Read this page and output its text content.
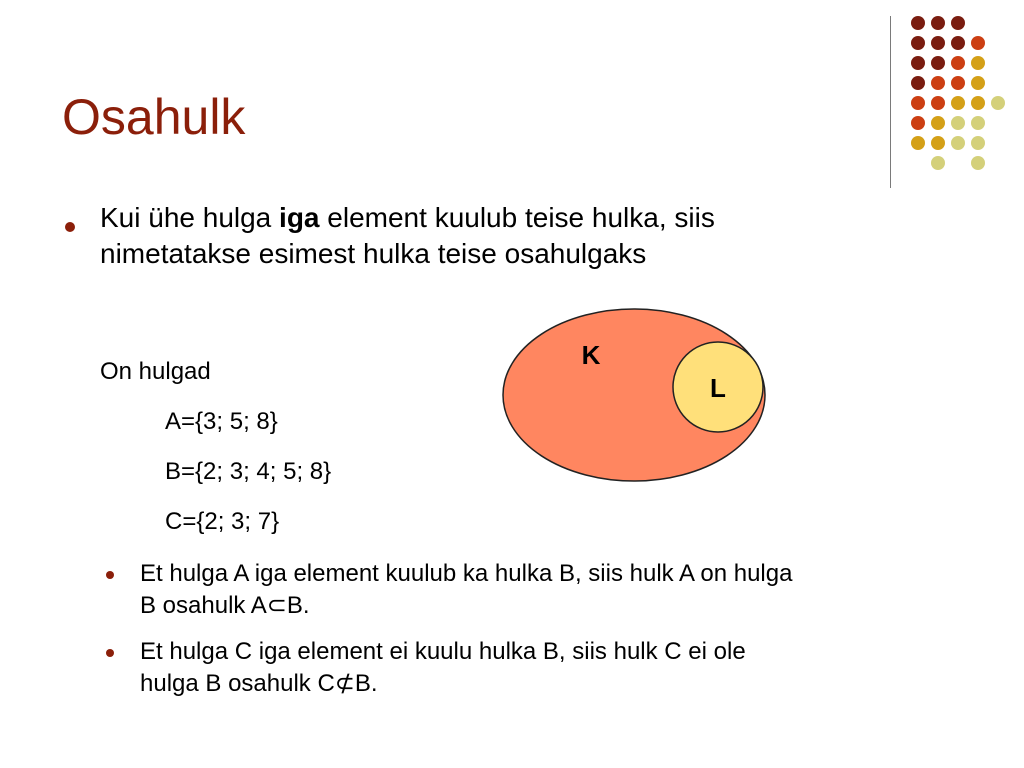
Osahulk
Kui ühe hulga iga element kuulub teise hulka, siis
nimetatakse esimest hulka teise osahulgaks
On hulgad
A={3; 5; 8}
B={2; 3; 4; 5; 8}
C={2; 3; 7}
K
L
Et hulga A iga element kuulub ka hulka B, siis hulk A on hulga
B osahulk A⊂B.
Et hulga C iga element ei kuulu hulka B, siis hulk C ei ole
hulga B osahulk C⊄B.
